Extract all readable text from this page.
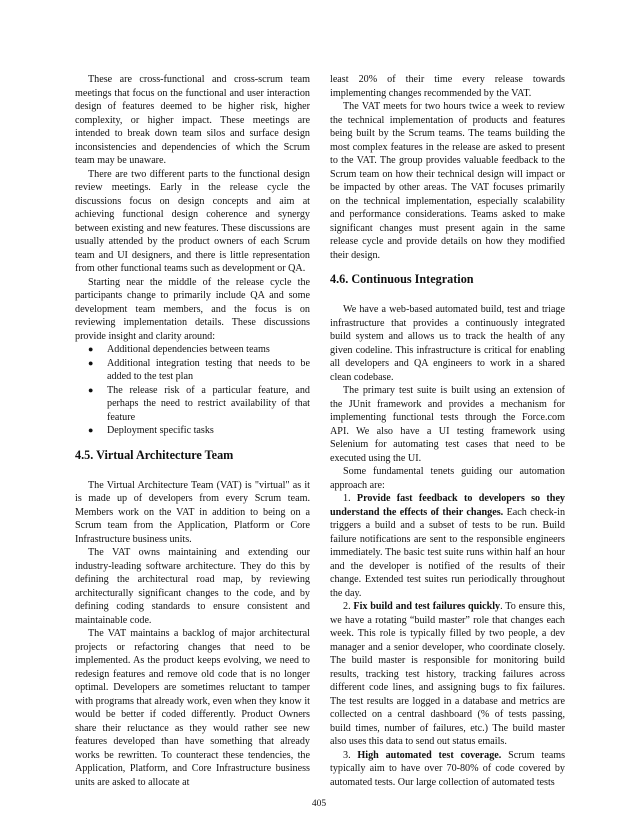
These are cross-functional and cross-scrum team meetings that focus on the functional and user interaction design of features deemed to be higher risk, higher complexity, or higher impact. These meetings are intended to break down team silos and surface design inconsistencies and dependencies of which the Scrum team may be unaware.

There are two different parts to the functional design review meetings. Early in the release cycle the discussions focus on design concepts and aim at achieving functional design coherence and synergy between existing and new features. These discussions are usually attended by the product owners of each Scrum team and UI designers, and there is little representation from other functional teams such as development or QA.

Starting near the middle of the release cycle the participants change to primarily include QA and some development team members, and the focus is on reviewing implementation details. These discussions provide insight and clarity around:

● Additional dependencies between teams
● Additional integration testing that needs to be added to the test plan
● The release risk of a particular feature, and perhaps the need to restrict availability of that feature
● Deployment specific tasks
4.5. Virtual Architecture Team

The Virtual Architecture Team (VAT) is "virtual" as it is made up of developers from every Scrum team. Members work on the VAT in addition to being on a Scrum team from the Application, Platform or Core Infrastructure business units.

The VAT owns maintaining and extending our industry-leading software architecture. They do this by defining the architectural road map, by reviewing architecturally significant changes to the code, and by defining coding standards to ensure consistent and maintainable code.

The VAT maintains a backlog of major architectural projects or refactoring changes that need to be implemented. As the product keeps evolving, we need to redesign features and remove old code that is no longer optimal. Developers are sometimes reluctant to tamper with programs that already work, even when they know it would be better if coded differently. Product Owners share their reluctance as they would rather see new features developed than have something that already works be rewritten. To counteract these tendencies, the Application, Platform, and Core Infrastructure business units are asked to allocate at

least 20% of their time every release towards implementing changes recommended by the VAT.

The VAT meets for two hours twice a week to review the technical implementation of products and features being built by the Scrum teams. The teams building the most complex features in the release are asked to present to the VAT. The group provides valuable feedback to the Scrum team on how their technical design will impact or be impacted by other areas. The VAT focuses primarily on the technical implementation, especially scalability and performance considerations. Teams asked to make significant changes must present again in the same release cycle and provide details on how they modified their design.

4.6. Continuous Integration

We have a web-based automated build, test and triage infrastructure that provides a continuously integrated build system and allows us to track the health of any given codeline. This infrastructure is critical for enabling all developers and QA engineers to work in a shared clean codebase.

The primary test suite is built using an extension of the JUnit framework and provides a mechanism for implementing functional tests through the Force.com API. We also have a UI testing framework using Selenium for automating test cases that need to be executed using the UI.

Some fundamental tenets guiding our automation approach are:

1. Provide fast feedback to developers so they understand the effects of their changes. Each check-in triggers a build and a subset of tests to be run. Build failure notifications are sent to the responsible engineers immediately. The basic test suite runs within half an hour and the developer is notified of the results of their change. Extended test suites run periodically throughout the day.

2. Fix build and test failures quickly. To ensure this, we have a rotating “build master” role that changes each week. This role is typically filled by two people, a dev manager and a senior developer, who coordinate closely. The build master is responsible for monitoring build results, tracking test history, tracking failures across different code lines, and assigning bugs to fix failures. The test results are logged in a database and metrics are collected on a central dashboard (% of tests passing, build times, number of failures, etc.) The build master also uses this data to send out status emails.

3. High automated test coverage. Scrum teams typically aim to have over 70-80% of code covered by automated tests. Our large collection of automated tests

405
